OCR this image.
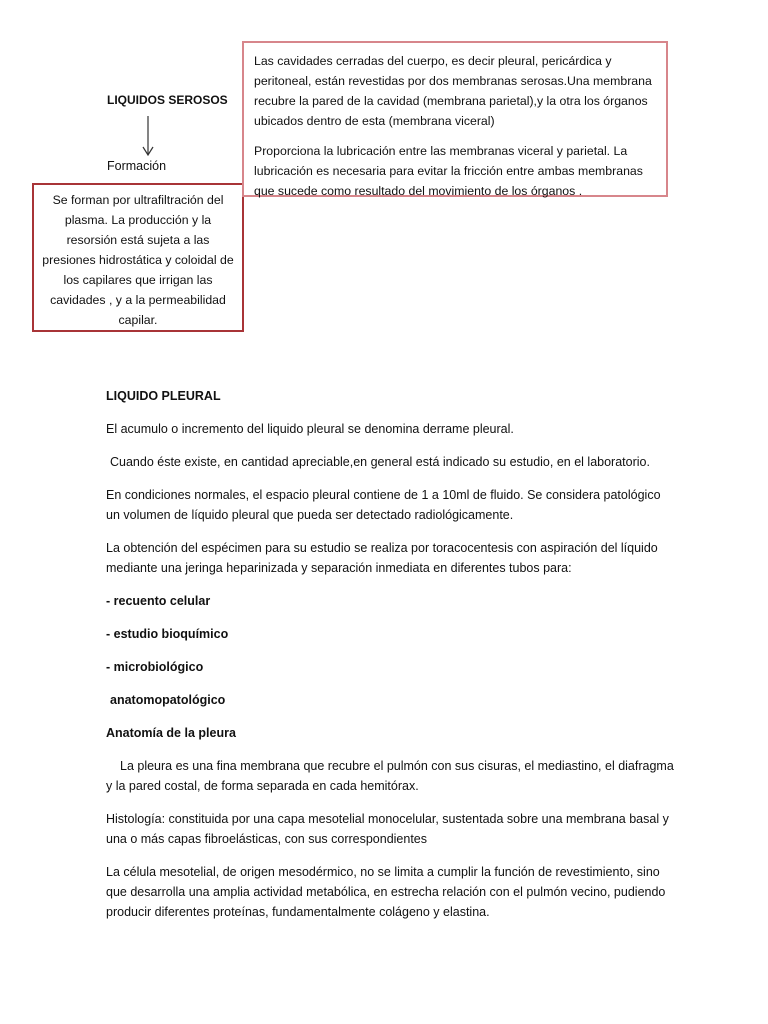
LIQUIDOS SEROSOS
Formación
Se forman por ultrafiltración del plasma. La producción y la resorsión está sujeta a las presiones hidrostática y coloidal de los capilares que irrigan las cavidades , y a la permeabilidad capilar.

Las cavidades cerradas del cuerpo, es decir pleural, pericárdica y peritoneal, están revestidas por dos membranas serosas.Una membrana recubre la pared de la cavidad (membrana parietal),y la otra los órganos ubicados dentro de esta (membrana viceral)

Proporciona la lubricación entre las membranas viceral y parietal. La lubricación es necesaria para evitar la fricción entre ambas membranas que sucede como resultado del movimiento de los órganos .

LIQUIDO PLEURAL

El acumulo o incremento del liquido pleural se denomina derrame pleural.

Cuando éste existe, en cantidad apreciable,en general está indicado su estudio, en el laboratorio.

En condiciones normales, el espacio pleural contiene de 1 a 10ml de fluido. Se considera patológico un volumen de líquido pleural que pueda ser detectado radiológicamente.

La obtención del espécimen para su estudio se realiza por toracocentesis con aspiración del líquido mediante una jeringa heparinizada y separación inmediata en diferentes tubos para:

- recuento celular

- estudio bioquímico

- microbiológico

anatomopatológico

Anatomía de la pleura

La pleura es una fina membrana que recubre el pulmón con sus cisuras, el mediastino, el diafragma y la pared costal, de forma separada en cada hemitórax.

Histología: constituida por una capa mesotelial monocelular, sustentada sobre una membrana basal y una o más capas fibroelásticas, con sus correspondientes

La célula mesotelial, de origen mesodérmico, no se limita a cumplir la función de revestimiento, sino que desarrolla una amplia actividad metabólica, en estrecha relación con el pulmón vecino, pudiendo producir diferentes proteínas, fundamentalmente colágeno y elastina.
